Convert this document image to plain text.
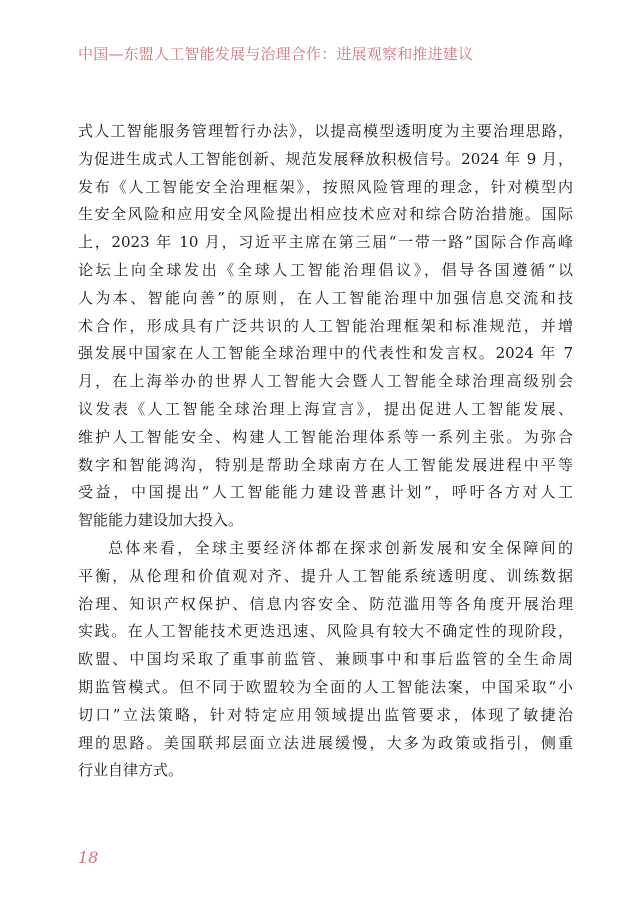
中国—东盟人工智能发展与治理合作：进展观察和推进建议
式人工智能服务管理暂行办法》，以提高模型透明度为主要治理思路，
为促进生成式人工智能创新、规范发展释放积极信号。2024 年 9 月，
发布《人工智能安全治理框架》，按照风险管理的理念，针对模型内
生安全风险和应用安全风险提出相应技术应对和综合防治措施。国际
上，2023 年 10 月，习近平主席在第三届“一带一路”国际合作高峰
论坛上向全球发出《全球人工智能治理倡议》，倡导各国遵循“以
人为本、智能向善”的原则，在人工智能治理中加强信息交流和技
术合作，形成具有广泛共识的人工智能治理框架和标准规范，并增
强发展中国家在人工智能全球治理中的代表性和发言权。2024 年 7
月，在上海举办的世界人工智能大会暨人工智能全球治理高级别会
议发表《人工智能全球治理上海宣言》，提出促进人工智能发展、
维护人工智能安全、构建人工智能治理体系等一系列主张。为弥合
数字和智能鸿沟，特别是帮助全球南方在人工智能发展进程中平等
受益，中国提出“人工智能能力建设普惠计划”，呼吁各方对人工
智能能力建设加大投入。
总体来看，全球主要经济体都在探求创新发展和安全保障间的
平衡，从伦理和价值观对齐、提升人工智能系统透明度、训练数据
治理、知识产权保护、信息内容安全、防范滥用等各角度开展治理
实践。在人工智能技术更迭迅速、风险具有较大不确定性的现阶段，
欧盟、中国均采取了重事前监管、兼顾事中和事后监管的全生命周
期监管模式。但不同于欧盟较为全面的人工智能法案，中国采取“小
切口”立法策略，针对特定应用领域提出监管要求，体现了敏捷治
理的思路。美国联邦层面立法进展缓慢，大多为政策或指引，侧重
行业自律方式。
18
